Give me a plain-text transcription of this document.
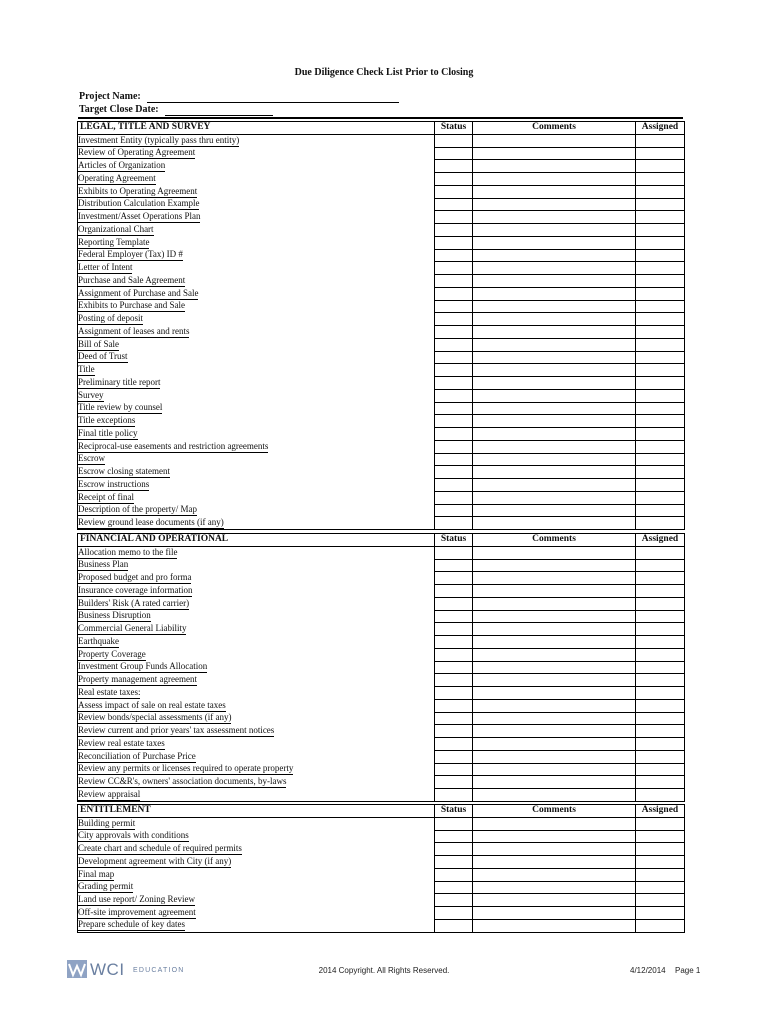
Due Diligence Check List Prior to Closing
Project Name:
Target Close Date:
LEGAL, TITLE AND SURVEY	Status	Comments	Assigned
Investment Entity (typically pass thru entity)			
Review of Operating Agreement			
Articles of Organization			
Operating Agreement			
Exhibits to Operating Agreement			
Distribution Calculation Example			
Investment/Asset Operations Plan			
Organizational Chart			
Reporting Template			
Federal Employer (Tax) ID #			
Letter of Intent			
Purchase and Sale Agreement			
Assignment of Purchase and Sale			
Exhibits to Purchase and Sale			
Posting of deposit			
Assignment of leases and rents			
Bill of Sale			
Deed of Trust			
Title			
Preliminary title report			
Survey			
Title review by counsel			
Title exceptions			
Final title policy			
Reciprocal-use easements and restriction agreements			
Escrow			
Escrow closing statement			
Escrow instructions			
Receipt of final			
Description of the property/ Map			
Review ground lease documents (if any)			
FINANCIAL AND OPERATIONAL	Status	Comments	Assigned
Allocation memo to the file			
Business Plan			
Proposed budget and pro forma			
Insurance coverage information			
Builders' Risk (A rated carrier)			
Business Disruption			
Commercial General Liability			
Earthquake			
Property Coverage			
Investment Group Funds Allocation			
Property management agreement			
Real estate taxes:			
Assess impact of sale on real estate taxes			
Review bonds/special assessments (if any)			
Review current and prior years' tax assessment notices			
Review real estate taxes			
Reconciliation of Purchase Price			
Review any permits or licenses required to operate property			
Review CC&R's, owners' association documents, by-laws			
Review appraisal			
ENTITLEMENT	Status	Comments	Assigned
Building permit			
City approvals with conditions			
Create chart and schedule of required permits			
Development agreement with City (if any)			
Final map			
Grading permit			
Land use report/ Zoning Review			
Off-site improvement agreement			
Prepare schedule of key dates			
WCI EDUCATION	2014 Copyright. All Rights Reserved.	4/12/2014 Page 1
